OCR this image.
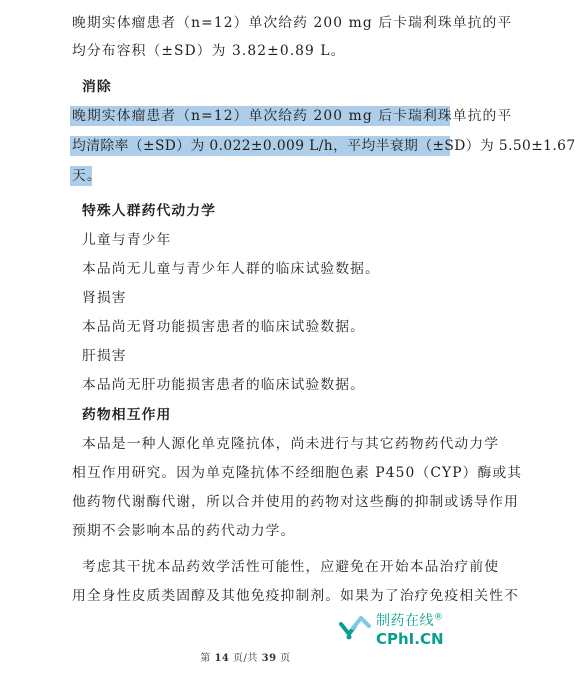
晚期实体瘤患者（n=12）单次给药 200 mg 后卡瑞利珠单抗的平
均分布容积（±SD）为 3.82±0.89 L。
消除
晚期实体瘤患者（n=12）单次给药 200 mg 后卡瑞利珠单抗的平
均清除率（±SD）为 0.022±0.009 L/h，平均半衰期（±SD）为 5.50±1.67
天。
特殊人群药代动力学
儿童与青少年
本品尚无儿童与青少年人群的临床试验数据。
肾损害
本品尚无肾功能损害患者的临床试验数据。
肝损害
本品尚无肝功能损害患者的临床试验数据。
药物相互作用
本品是一种人源化单克隆抗体，尚未进行与其它药物药代动力学
相互作用研究。因为单克隆抗体不经细胞色素 P450（CYP）酶或其
他药物代谢酶代谢，所以合并使用的药物对这些酶的抑制或诱导作用
预期不会影响本品的药代动力学。
考虑其干扰本品药效学活性可能性，应避免在开始本品治疗前使
用全身性皮质类固醇及其他免疫抑制剂。如果为了治疗免疫相关性不
第 14 页/共 39 页
制药在线®
CPhI.CN
